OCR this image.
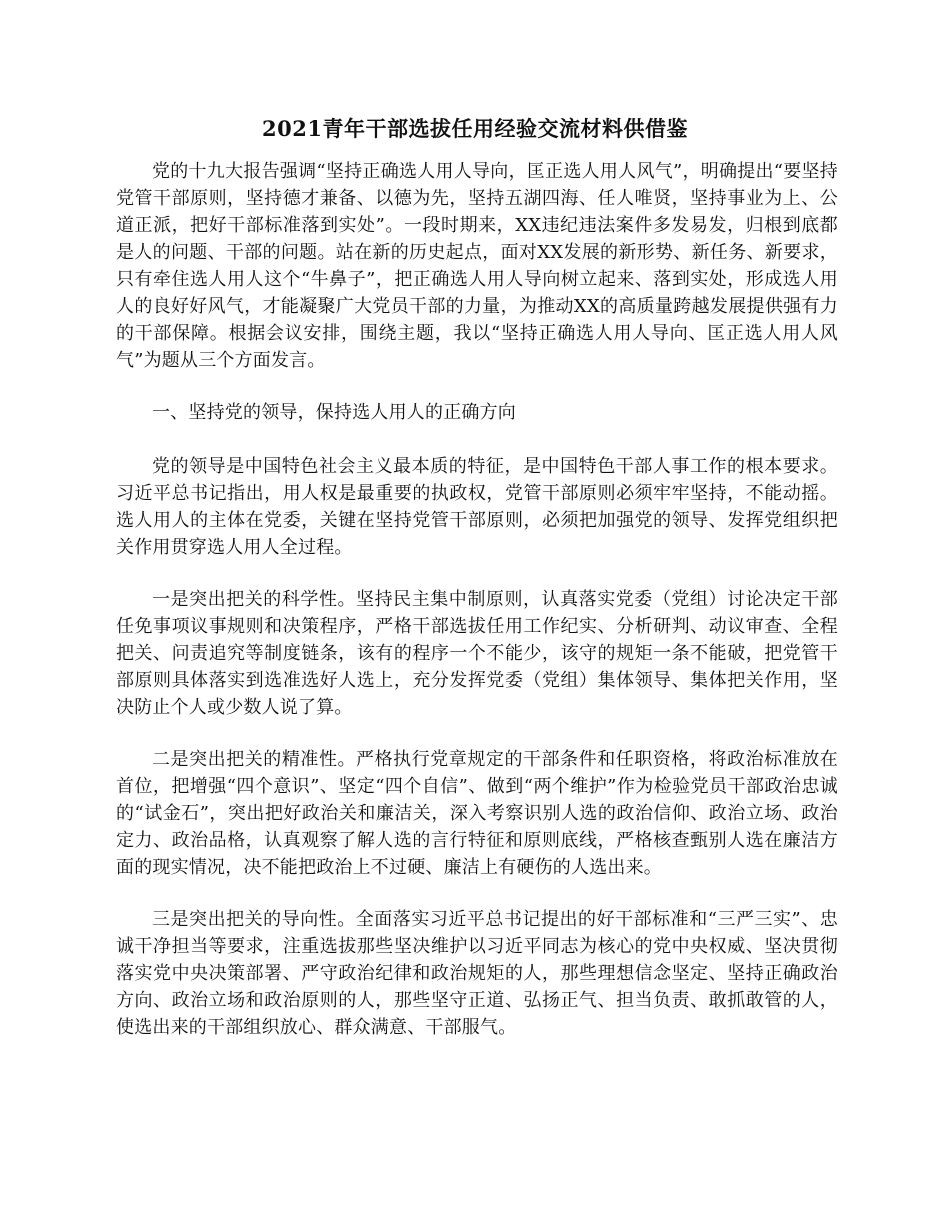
2021青年干部选拔任用经验交流材料供借鉴

党的十九大报告强调“坚持正确选人用人导向，匡正选人用人风气”，明确提出“要坚持党管干部原则，坚持德才兼备、以德为先，坚持五湖四海、任人唯贤，坚持事业为上、公道正派，把好干部标准落到实处”。一段时期来，XX违纪违法案件多发易发，归根到底都是人的问题、干部的问题。站在新的历史起点，面对XX发展的新形势、新任务、新要求，只有牵住选人用人这个“牛鼻子”，把正确选人用人导向树立起来、落到实处，形成选人用人的良好好风气，才能凝聚广大党员干部的力量，为推动XX的高质量跨越发展提供强有力的干部保障。根据会议安排，围绕主题，我以“坚持正确选人用人导向、匡正选人用人风气”为题从三个方面发言。

一、坚持党的领导，保持选人用人的正确方向

党的领导是中国特色社会主义最本质的特征，是中国特色干部人事工作的根本要求。习近平总书记指出，用人权是最重要的执政权，党管干部原则必须牢牢坚持，不能动摇。选人用人的主体在党委，关键在坚持党管干部原则，必须把加强党的领导、发挥党组织把关作用贯穿选人用人全过程。

一是突出把关的科学性。坚持民主集中制原则，认真落实党委（党组）讨论决定干部任免事项议事规则和决策程序，严格干部选拔任用工作纪实、分析研判、动议审查、全程把关、问责追究等制度链条，该有的程序一个不能少，该守的规矩一条不能破，把党管干部原则具体落实到选准选好人选上，充分发挥党委（党组）集体领导、集体把关作用，坚决防止个人或少数人说了算。

二是突出把关的精准性。严格执行党章规定的干部条件和任职资格，将政治标准放在首位，把增强“四个意识”、坚定“四个自信”、做到“两个维护”作为检验党员干部政治忠诚的“试金石”，突出把好政治关和廉洁关，深入考察识别人选的政治信仰、政治立场、政治定力、政治品格，认真观察了解人选的言行特征和原则底线，严格核查甄别人选在廉洁方面的现实情况，决不能把政治上不过硬、廉洁上有硬伤的人选出来。

三是突出把关的导向性。全面落实习近平总书记提出的好干部标准和“三严三实”、忠诚干净担当等要求，注重选拔那些坚决维护以习近平同志为核心的党中央权威、坚决贯彻落实党中央决策部署、严守政治纪律和政治规矩的人，那些理想信念坚定、坚持正确政治方向、政治立场和政治原则的人，那些坚守正道、弘扬正气、担当负责、敢抓敢管的人，使选出来的干部组织放心、群众满意、干部服气。
